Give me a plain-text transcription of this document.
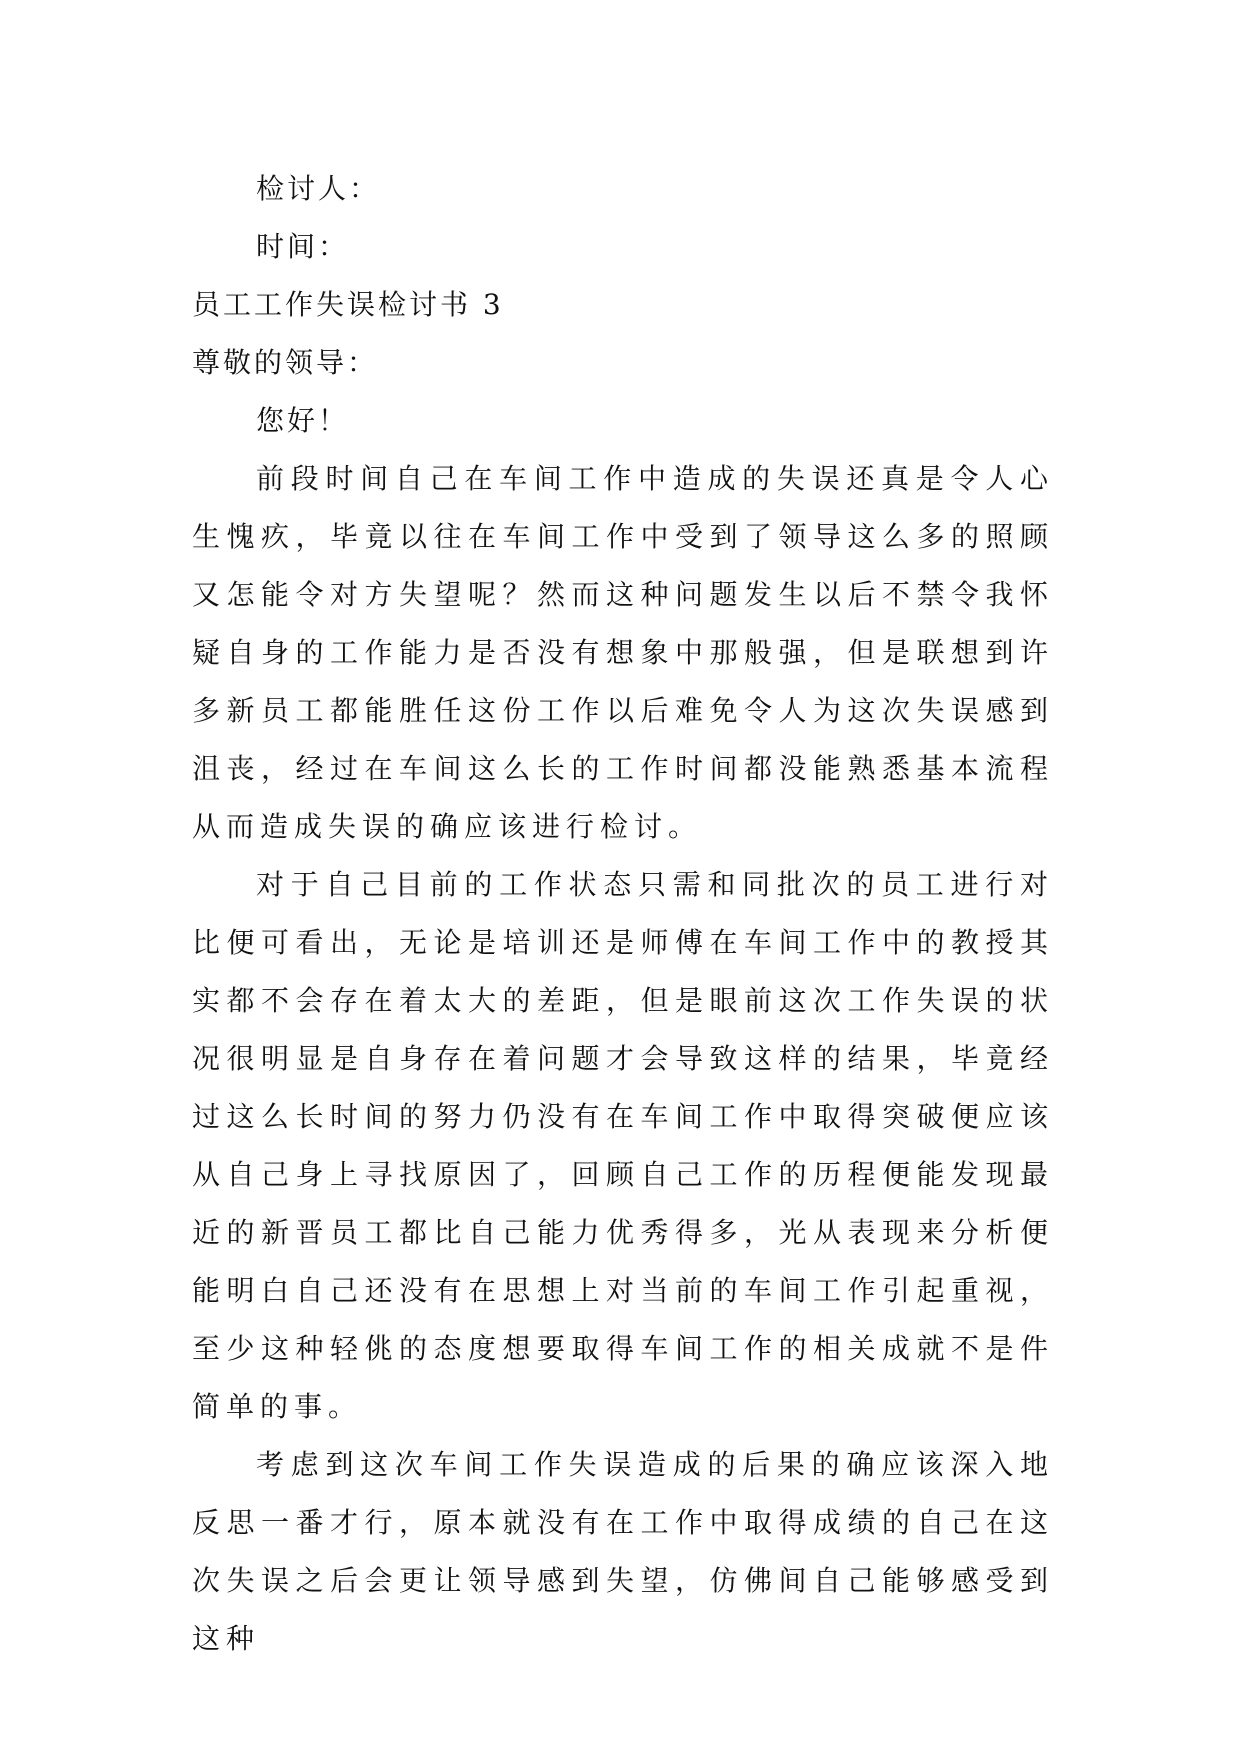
检讨人：
时间：
员工工作失误检讨书 3
尊敬的领导：
您好！

前段时间自己在车间工作中造成的失误还真是令人心生愧疚，毕竟以往在车间工作中受到了领导这么多的照顾又怎能令对方失望呢？然而这种问题发生以后不禁令我怀疑自身的工作能力是否没有想象中那般强，但是联想到许多新员工都能胜任这份工作以后难免令人为这次失误感到沮丧，经过在车间这么长的工作时间都没能熟悉基本流程从而造成失误的确应该进行检讨。

对于自己目前的工作状态只需和同批次的员工进行对比便可看出，无论是培训还是师傅在车间工作中的教授其实都不会存在着太大的差距，但是眼前这次工作失误的状况很明显是自身存在着问题才会导致这样的结果，毕竟经过这么长时间的努力仍没有在车间工作中取得突破便应该从自己身上寻找原因了，回顾自己工作的历程便能发现最近的新晋员工都比自己能力优秀得多，光从表现来分析便能明白自己还没有在思想上对当前的车间工作引起重视，至少这种轻佻的态度想要取得车间工作的相关成就不是件简单的事。

考虑到这次车间工作失误造成的后果的确应该深入地反思一番才行，原本就没有在工作中取得成绩的自己在这次失误之后会更让领导感到失望，仿佛间自己能够感受到这种
